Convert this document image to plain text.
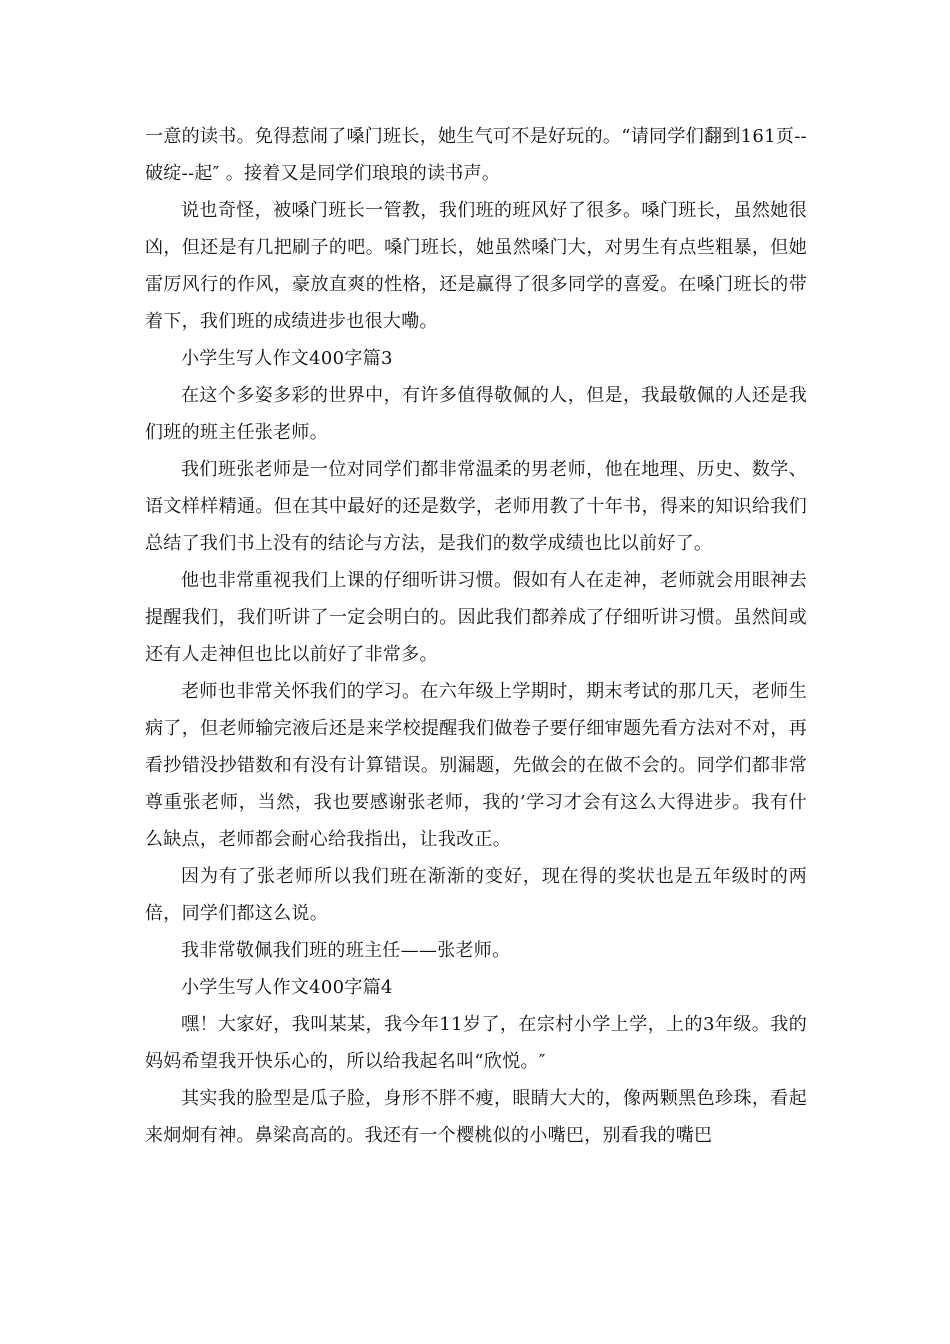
一意的读书。免得惹闹了嗓门班长，她生气可不是好玩的。“请同学们翻到161页--破绽--起″ 。接着又是同学们琅琅的读书声。

说也奇怪，被嗓门班长一管教，我们班的班风好了很多。嗓门班长，虽然她很凶，但还是有几把刷子的吧。嗓门班长，她虽然嗓门大，对男生有点些粗暴，但她雷厉风行的作风，豪放直爽的性格，还是赢得了很多同学的喜爱。在嗓门班长的带着下，我们班的成绩进步也很大嘞。

小学生写人作文400字篇3

在这个多姿多彩的世界中，有许多值得敬佩的人，但是，我最敬佩的人还是我们班的班主任张老师。

我们班张老师是一位对同学们都非常温柔的男老师，他在地理、历史、数学、语文样样精通。但在其中最好的还是数学，老师用教了十年书，得来的知识给我们总结了我们书上没有的结论与方法，是我们的数学成绩也比以前好了。

他也非常重视我们上课的仔细听讲习惯。假如有人在走神，老师就会用眼神去提醒我们，我们听讲了一定会明白的。因此我们都养成了仔细听讲习惯。虽然间或还有人走神但也比以前好了非常多。

老师也非常关怀我们的学习。在六年级上学期时，期末考试的那几天，老师生病了，但老师输完液后还是来学校提醒我们做卷子要仔细审题先看方法对不对，再看抄错没抄错数和有没有计算错误。别漏题，先做会的在做不会的。同学们都非常尊重张老师，当然，我也要感谢张老师，我的’学习才会有这么大得进步。我有什么缺点，老师都会耐心给我指出，让我改正。

因为有了张老师所以我们班在渐渐的变好，现在得的奖状也是五年级时的两倍，同学们都这么说。

我非常敬佩我们班的班主任——张老师。

小学生写人作文400字篇4

嘿！大家好，我叫某某，我今年11岁了，在宗村小学上学，上的3年级。我的妈妈希望我开快乐心的，所以给我起名叫“欣悦。″

其实我的脸型是瓜子脸，身形不胖不瘦，眼睛大大的，像两颗黑色珍珠，看起来炯炯有神。鼻梁高高的。我还有一个樱桃似的小嘴巴，别看我的嘴巴
